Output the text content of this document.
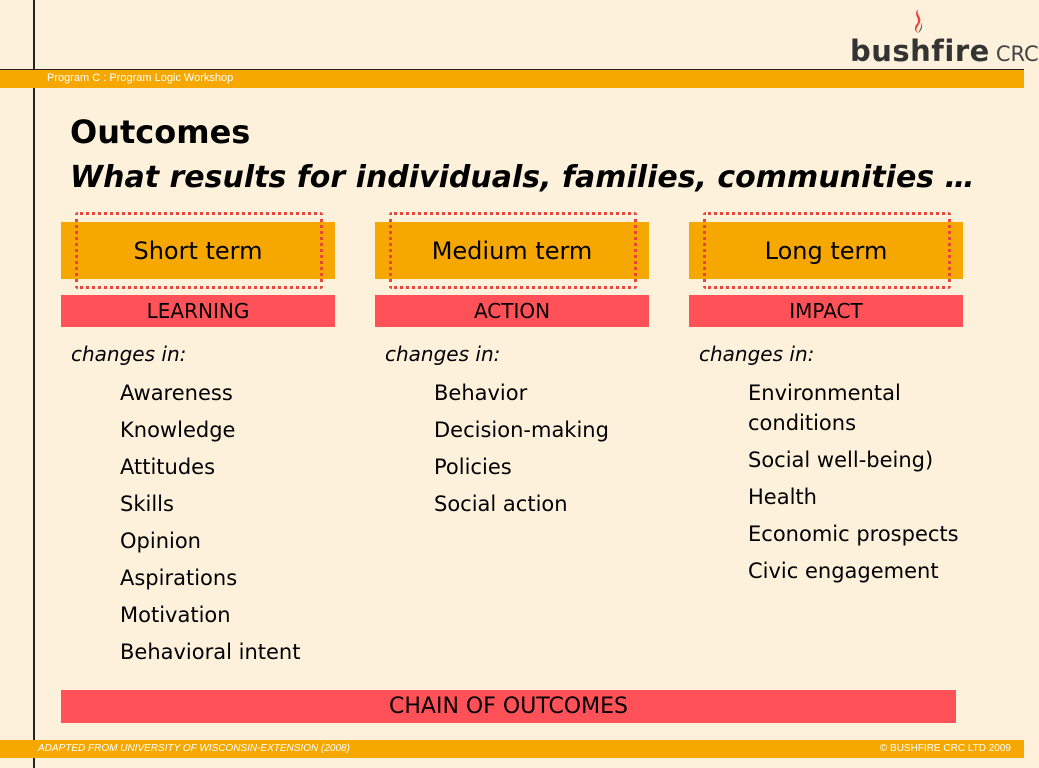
bushfire CRC
Program C : Program Logic Workshop
Outcomes
What results for individuals, families, communities …
Short term
LEARNING
changes in:
Awareness
Knowledge
Attitudes
Skills
Opinion
Aspirations
Motivation
Behavioral intent
Medium term
ACTION
changes in:
Behavior
Decision-making
Policies
Social action
Long term
IMPACT
changes in:
Environmental conditions
Social well-being)
Health
Economic prospects
Civic engagement
CHAIN OF OUTCOMES
ADAPTED FROM UNIVERSITY OF WISCONSIN-EXTENSION (2008)	© BUSHFIRE CRC LTD 2009
